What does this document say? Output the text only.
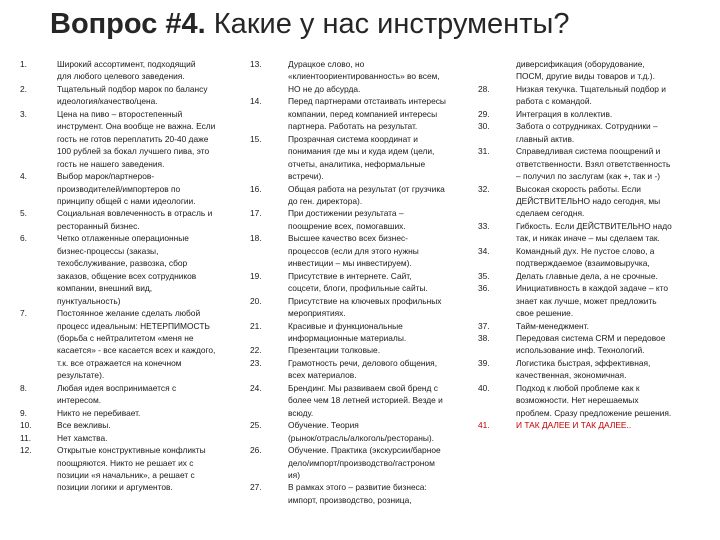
Вопрос #4. Какие у нас инструменты?
1.	Широкий ассортимент, подходящий
для любого целевого заведения.
2.	Тщательный подбор марок по балансу
идеология/качество/цена.
3.	Цена на пиво – второстепенный
инструмент. Она вообще не важна. Если
гость не готов переплатить 20-40 даже
100 рублей за бокал лучшего пива, это
гость не нашего заведения.
4.	Выбор марок/партнеров-
производителей/импортеров по
принципу общей с нами идеологии.
5.	Социальная вовлеченность в отрасль и
ресторанный бизнес.
6.	Четко отлаженные операционные
бизнес-процессы (заказы,
техобслуживание, развозка, сбор
заказов, общение всех сотрудников
компании, внешний вид,
пунктуальность)
7.	Постоянное желание сделать любой
процесс идеальным: НЕТЕРПИМОСТЬ
(борьба с нейтралитетом «меня не
касается» - все касается всех и каждого,
т.к. все отражается на конечном
результате).
8.	Любая идея воспринимается с
интересом.
9.	Никто не перебивает.
10.	Все вежливы.
11.	Нет хамства.
12.	Открытые конструктивные конфликты
поощряются. Никто не решает их с
позиции «я начальник», а решает с
позиции логики и аргументов.
13.	Дурацкое слово, но
«клиентоориентированность» во всем,
НО не до абсурда.
14.	Перед партнерами отстаивать интересы
компании, перед компанией интересы
партнера. Работать на результат.
15.	Прозрачная система координат и
понимания где мы и куда идем (цели,
отчеты, аналитика, неформальные
встречи).
16.	Общая работа на результат (от грузчика
до ген. директора).
17.	При достижении результата –
поощрение всех, помогавших.
18.	Высшее качество всех бизнес-
процессов (если для этого нужны
инвестиции – мы инвестируем).
19.	Присутствие в интернете. Сайт,
соцсети, блоги, профильные сайты.
20.	Присутствие на ключевых профильных
мероприятиях.
21.	Красивые и функциональные
информационные материалы.
22.	Презентации толковые.
23.	Грамотность речи, делового общения,
всех материалов.
24.	Брендинг. Мы развиваем свой бренд с
более чем 18 летней историей. Везде и
всюду.
25.	Обучение. Теория
(рынок/отрасль/алкоголь/рестораны).
26.	Обучение. Практика (экскурсии/барное
дело/импорт/производство/гастроном
ия)
27.	В рамках этого – развитие бизнеса:
импорт, производство, розница,
диверсификация (оборудование,
ПОСМ, другие виды товаров и т.д.).
28.	Низкая текучка. Тщательный подбор и
работа с командой.
29.	Интеграция в коллектив.
30.	Забота о сотрудниках. Сотрудники –
главный актив.
31.	Справедливая система поощрений и
ответственности. Взял ответственность
– получил по заслугам (как +, так и -)
32.	Высокая скорость работы. Если
ДЕЙСТВИТЕЛЬНО надо сегодня, мы
сделаем сегодня.
33.	Гибкость. Если ДЕЙСТВИТЕЛЬНО надо
так, и никак иначе – мы сделаем так.
34.	Командный дух. Не пустое слово, а
подтверждаемое (взаимовыручка,
35.	Делать главные дела, а не срочные.
36.	Инициативность в каждой задаче – кто
знает как лучше, может предложить
свое решение.
37.	Тайм-менеджмент.
38.	Передовая система CRM и передовое
использование инф. Технологий.
39.	Логистика быстрая, эффективная,
качественная, экономичная.
40.	Подход к любой проблеме как к
возможности. Нет нерешаемых
проблем. Сразу предложение решения.
41.	И ТАК ДАЛЕЕ И ТАК ДАЛЕЕ..
